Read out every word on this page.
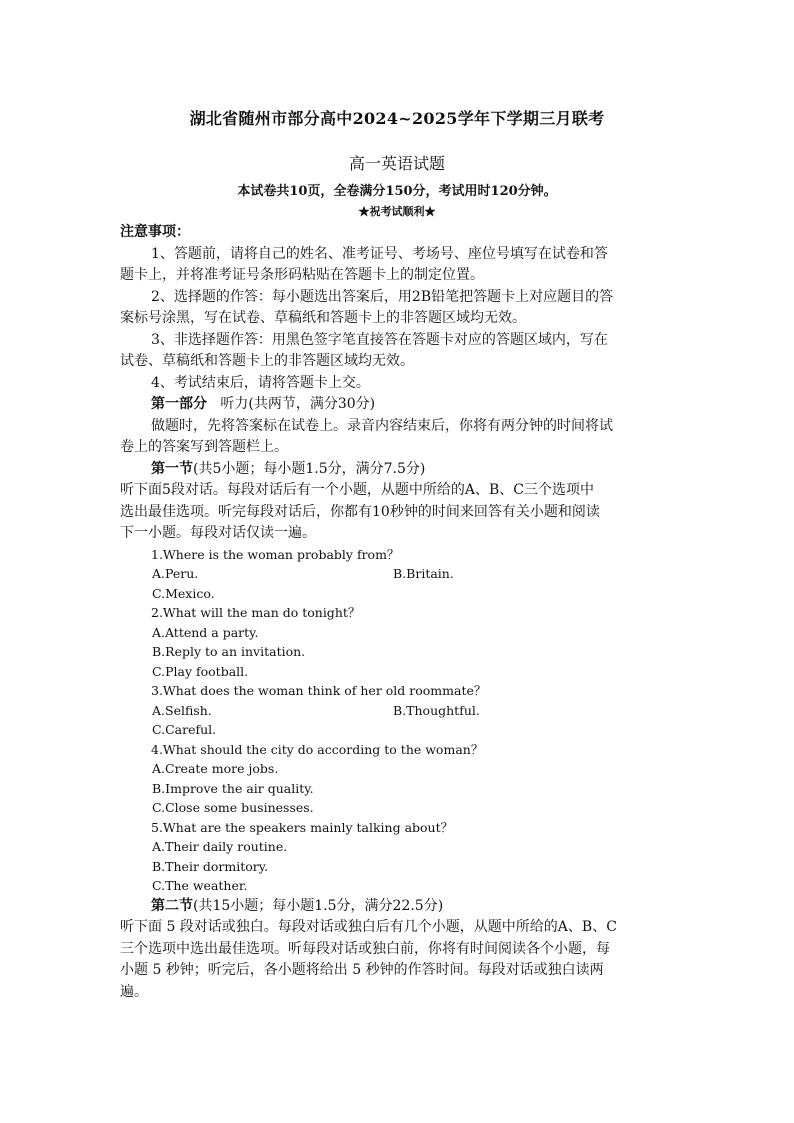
湖北省随州市部分高中2024~2025学年下学期三月联考
高一英语试题
本试卷共10页，全卷满分150分，考试用时120分钟。
★祝考试顺利★
注意事项：
1、答题前，请将自己的姓名、准考证号、考场号、座位号填写在试卷和答
题卡上，并将准考证号条形码粘贴在答题卡上的制定位置。
2、选择题的作答：每小题选出答案后，用2B铅笔把答题卡上对应题目的答
案标号涂黑，写在试卷、草稿纸和答题卡上的非答题区域均无效。
3、非选择题作答：用黑色签字笔直接答在答题卡对应的答题区域内，写在
试卷、草稿纸和答题卡上的非答题区域均无效。
4、考试结束后，请将答题卡上交。
第一部分 听力(共两节，满分30分)
做题时，先将答案标在试卷上。录音内容结束后，你将有两分钟的时间将试
卷上的答案写到答题栏上。
第一节(共5小题；每小题1.5分，满分7.5分)
听下面5段对话。每段对话后有一个小题，从题中所给的A、B、C三个选项中
选出最佳选项。听完每段对话后，你都有10秒钟的时间来回答有关小题和阅读
下一小题。每段对话仅读一遍。
1.Where is the woman probably from？
A.Peru.	B.Britain.
C.Mexico.
2.What will the man do tonight？
A.Attend a party.
B.Reply to an invitation.
C.Play football.
3.What does the woman think of her old roommate？
A.Selfish.	B.Thoughtful.
C.Careful.
4.What should the city do according to the woman？
A.Create more jobs.
B.Improve the air quality.
C.Close some businesses.
5.What are the speakers mainly talking about？
A.Their daily routine.
B.Their dormitory.
C.The weather.
第二节(共15小题；每小题1.5分，满分22.5分)
听下面 5 段对话或独白。每段对话或独白后有几个小题，从题中所给的A、B、C
三个选项中选出最佳选项。听每段对话或独白前，你将有时间阅读各个小题，每
小题 5 秒钟；听完后，各小题将给出 5 秒钟的作答时间。每段对话或独白读两
遍。
